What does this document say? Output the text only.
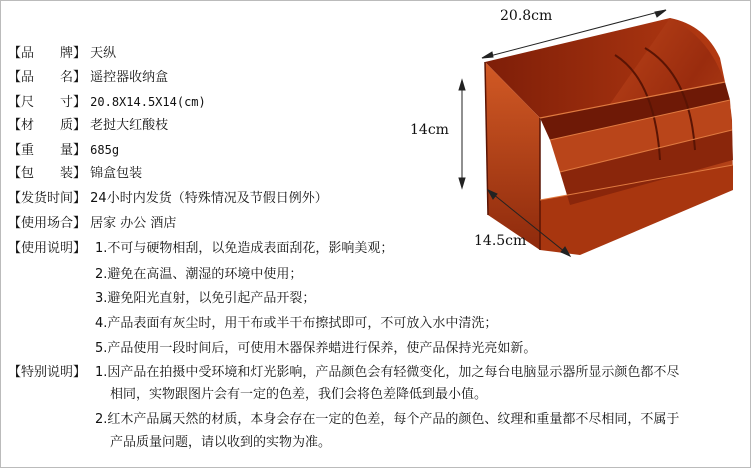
【品　　牌】 天纵
【品　　名】 遥控器收纳盒
【尺　　寸】 20.8X14.5X14(cm)
【材　　质】 老挝大红酸枝
【重　　量】 685g
【包　　装】 锦盒包装
【发货时间】 24小时内发货（特殊情况及节假日例外）
【使用场合】 居家 办公 酒店
【使用说明】 1.不可与硬物相刮，以免造成表面刮花，影响美观；
2.避免在高温、潮湿的环境中使用；
3.避免阳光直射，以免引起产品开裂；
4.产品表面有灰尘时，用干布或半干布擦拭即可，不可放入水中清洗；
5.产品使用一段时间后，可使用木器保养蜡进行保养，使产品保持光亮如新。
【特别说明】 1.因产品在拍摄中受环境和灯光影响，产品颜色会有轻微变化，加之每台电脑显示器所显示颜色都不尽
相同，实物跟图片会有一定的色差，我们会将色差降低到最小值。
2.红木产品属天然的材质，本身会存在一定的色差，每个产品的颜色、纹理和重量都不尽相同，不属于
产品质量问题，请以收到的实物为准。
20.8cm
14cm
14.5cm
